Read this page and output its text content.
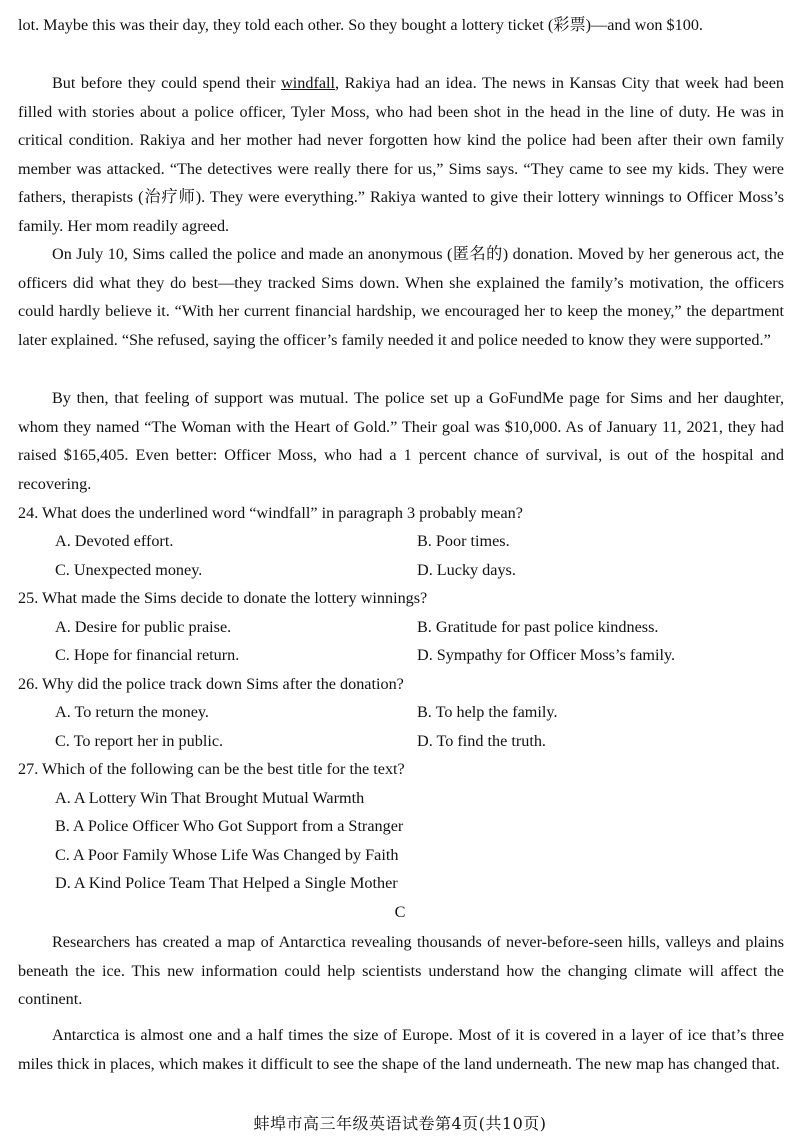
lot. Maybe this was their day, they told each other. So they bought a lottery ticket (彩票)—and won $100.

But before they could spend their windfall, Rakiya had an idea. The news in Kansas City that week had been filled with stories about a police officer, Tyler Moss, who had been shot in the head in the line of duty. He was in critical condition. Rakiya and her mother had never forgotten how kind the police had been after their own family member was attacked. “The detectives were really there for us,” Sims says. “They came to see my kids. They were fathers, therapists (治疗师). They were everything.” Rakiya wanted to give their lottery winnings to Officer Moss’s family. Her mom readily agreed.

On July 10, Sims called the police and made an anonymous (匿名的) donation. Moved by her generous act, the officers did what they do best—they tracked Sims down. When she explained the family’s motivation, the officers could hardly believe it. “With her current financial hardship, we encouraged her to keep the money,” the department later explained. “She refused, saying the officer’s family needed it and police needed to know they were supported.”

By then, that feeling of support was mutual. The police set up a GoFundMe page for Sims and her daughter, whom they named “The Woman with the Heart of Gold.” Their goal was $10,000. As of January 11, 2021, they had raised $165,405. Even better: Officer Moss, who had a 1 percent chance of survival, is out of the hospital and recovering.

24. What does the underlined word “windfall” in paragraph 3 probably mean?

A. Devoted effort.	B. Poor times.
C. Unexpected money.	D. Lucky days.

25. What made the Sims decide to donate the lottery winnings?

A. Desire for public praise.	B. Gratitude for past police kindness.
C. Hope for financial return.	D. Sympathy for Officer Moss’s family.

26. Why did the police track down Sims after the donation?

A. To return the money.	B. To help the family.
C. To report her in public.	D. To find the truth.

27. Which of the following can be the best title for the text?

A. A Lottery Win That Brought Mutual Warmth
B. A Police Officer Who Got Support from a Stranger
C. A Poor Family Whose Life Was Changed by Faith
D. A Kind Police Team That Helped a Single Mother
C

Researchers has created a map of Antarctica revealing thousands of never-before-seen hills, valleys and plains beneath the ice. This new information could help scientists understand how the changing climate will affect the continent.

Antarctica is almost one and a half times the size of Europe. Most of it is covered in a layer of ice that’s three miles thick in places, which makes it difficult to see the shape of the land underneath. The new map has changed that.

蚌埠市高三年级英语试卷第4页(共10页)
